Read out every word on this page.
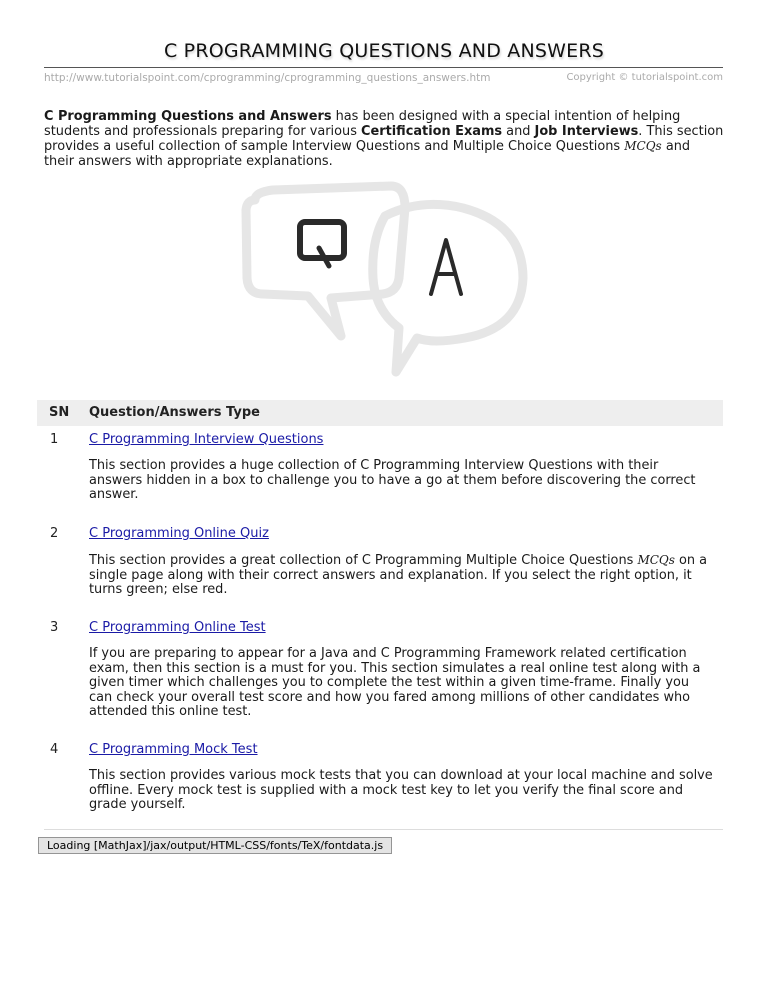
C PROGRAMMING QUESTIONS AND ANSWERS
http://www.tutorialspoint.com/cprogramming/cprogramming_questions_answers.htm	Copyright © tutorialspoint.com
C Programming Questions and Answers has been designed with a special intention of helping students and professionals preparing for various Certification Exams and Job Interviews. This section provides a useful collection of sample Interview Questions and Multiple Choice Questions MCQs and their answers with appropriate explanations.
SN Question/Answers Type
1 C Programming Interview Questions
This section provides a huge collection of C Programming Interview Questions with their answers hidden in a box to challenge you to have a go at them before discovering the correct answer.
2 C Programming Online Quiz
This section provides a great collection of C Programming Multiple Choice Questions MCQs on a single page along with their correct answers and explanation. If you select the right option, it turns green; else red.
3 C Programming Online Test
If you are preparing to appear for a Java and C Programming Framework related certification exam, then this section is a must for you. This section simulates a real online test along with a given timer which challenges you to complete the test within a given time-frame. Finally you can check your overall test score and how you fared among millions of other candidates who attended this online test.
4 C Programming Mock Test
This section provides various mock tests that you can download at your local machine and solve offline. Every mock test is supplied with a mock test key to let you verify the final score and grade yourself.
Loading [MathJax]/jax/output/HTML-CSS/fonts/TeX/fontdata.js
